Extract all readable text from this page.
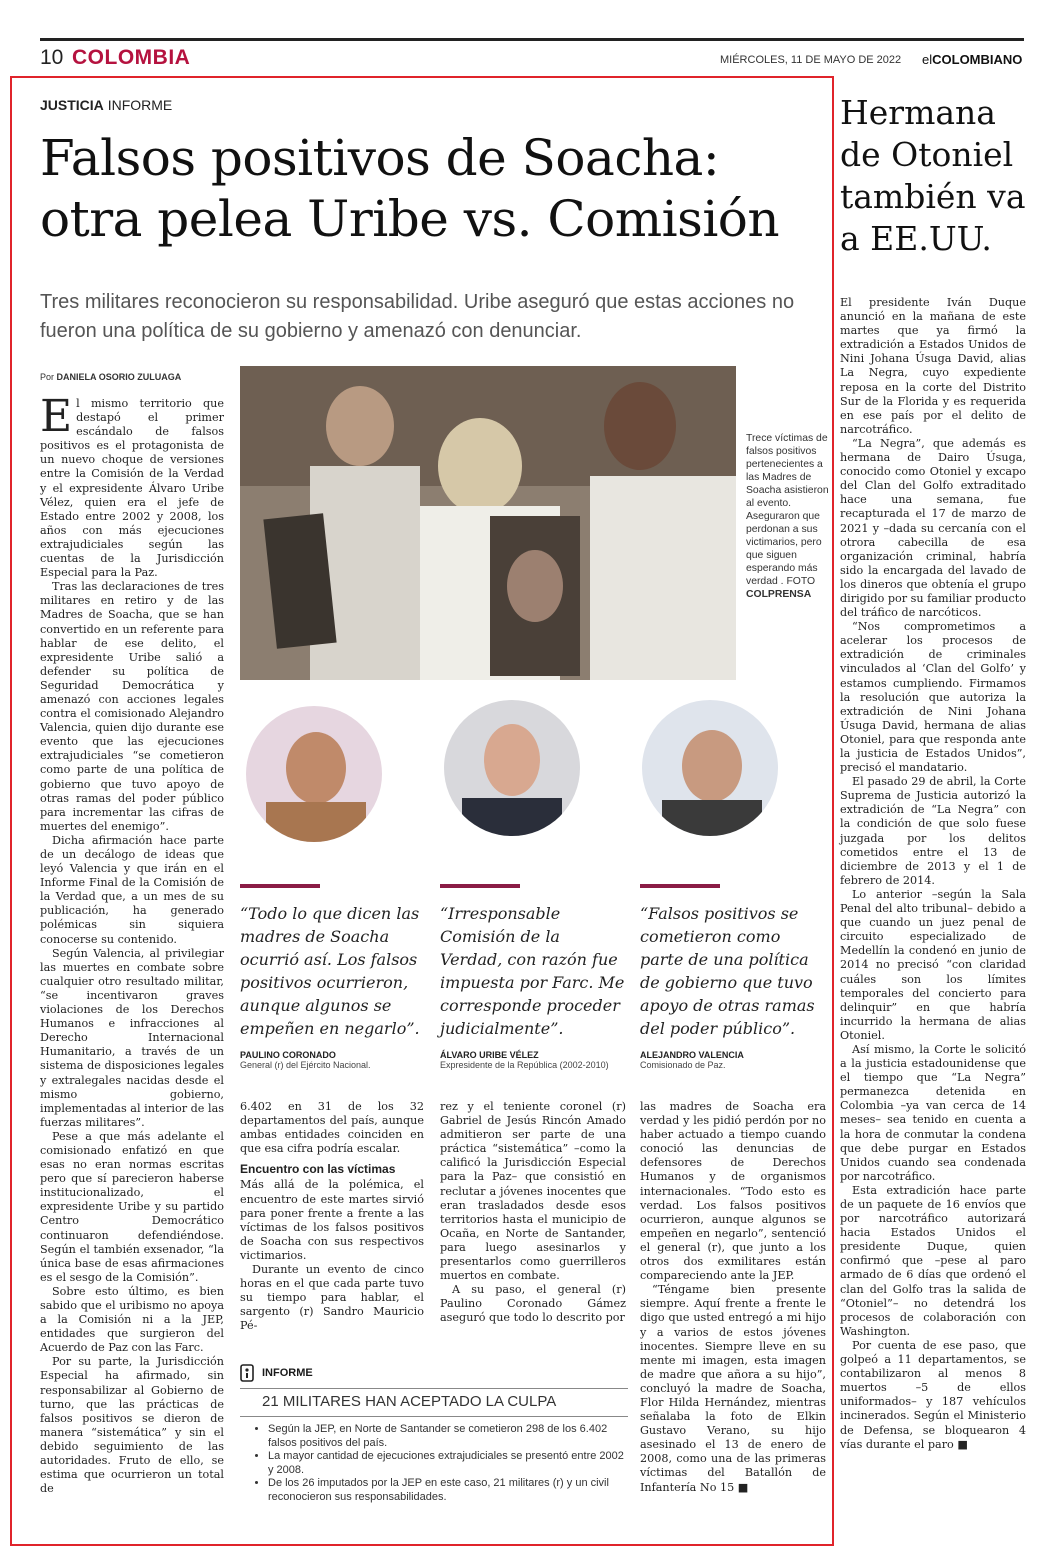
10 COLOMBIA	MIÉRCOLES, 11 DE MAYO DE 2022 elCOLOMBIANO
JUSTICIA INFORME
Falsos positivos de Soacha: otra pelea Uribe vs. Comisión
Tres militares reconocieron su responsabilidad. Uribe aseguró que estas acciones no fueron una política de su gobierno y amenazó con denunciar.
Por DANIELA OSORIO ZULUAGA

El mismo territorio que destapó el primer escándalo de falsos positivos es el protagonista de un nuevo choque de versiones entre la Comisión de la Verdad y el expresidente Álvaro Uribe Vélez, quien era el jefe de Estado entre 2002 y 2008, los años con más ejecuciones extrajudiciales según las cuentas de la Jurisdicción Especial para la Paz.

Tras las declaraciones de tres militares en retiro y de las Madres de Soacha, que se han convertido en un referente para hablar de ese delito, el expresidente Uribe salió a defender su política de Seguridad Democrática y amenazó con acciones legales contra el comisionado Alejandro Valencia, quien dijo durante ese evento que las ejecuciones extrajudiciales “se cometieron como parte de una política de gobierno que tuvo apoyo de otras ramas del poder público para incrementar las cifras de muertes del enemigo”.

Dicha afirmación hace parte de un decálogo de ideas que leyó Valencia y que irán en el Informe Final de la Comisión de la Verdad que, a un mes de su publicación, ha generado polémicas sin siquiera conocerse su contenido.

Según Valencia, al privilegiar las muertes en combate sobre cualquier otro resultado militar, “se incentivaron graves violaciones de los Derechos Humanos e infracciones al Derecho Internacional Humanitario, a través de un sistema de disposiciones legales y extralegales nacidas desde el mismo gobierno, implementadas al interior de las fuerzas militares”.

Pese a que más adelante el comisionado enfatizó en que esas no eran normas escritas pero que sí parecieron haberse institucionalizado, el expresidente Uribe y su partido Centro Democrático continuaron defendiéndose. Según el también exsenador, “la única base de esas afirmaciones es el sesgo de la Comisión”.

Sobre esto último, es bien sabido que el uribismo no apoya a la Comisión ni a la JEP, entidades que surgieron del Acuerdo de Paz con las Farc.

Por su parte, la Jurisdicción Especial ha afirmado, sin responsabilizar al Gobierno de turno, que las prácticas de falsos positivos se dieron de manera “sistemática” y sin el debido seguimiento de las autoridades. Fruto de ello, se estima que ocurrieron un total de

Trece víctimas de falsos positivos pertenecientes a las Madres de Soacha asistieron al evento. Aseguraron que perdonan a sus victimarios, pero que siguen esperando más verdad . FOTO COLPRENSA
“Todo lo que dicen las madres de Soacha ocurrió así. Los falsos positivos ocurrieron, aunque algunos se empeñen en negarlo”.
PAULINO CORONADO
General (r) del Ejército Nacional.
“Irresponsable Comisión de la Verdad, con razón fue impuesta por Farc. Me corresponde proceder judicialmente”.
ÁLVARO URIBE VÉLEZ
Expresidente de la República (2002-2010)
“Falsos positivos se cometieron como parte de una política de gobierno que tuvo apoyo de otras ramas del poder público”.
ALEJANDRO VALENCIA
Comisionado de Paz.

6.402 en 31 de los 32 departamentos del país, aunque ambas entidades coinciden en que esa cifra podría escalar.

Encuentro con las víctimas

Más allá de la polémica, el encuentro de este martes sirvió para poner frente a frente a las víctimas de los falsos positivos de Soacha con sus respectivos victimarios.

Durante un evento de cinco horas en el que cada parte tuvo su tiempo para hablar, el sargento (r) Sandro Mauricio Pé-

rez y el teniente coronel (r) Gabriel de Jesús Rincón Amado admitieron ser parte de una práctica “sistemática” –como la calificó la Jurisdicción Especial para la Paz– que consistió en reclutar a jóvenes inocentes que eran trasladados desde esos territorios hasta el municipio de Ocaña, en Norte de Santander, para luego asesinarlos y presentarlos como guerrilleros muertos en combate.

A su paso, el general (r) Paulino Coronado Gámez aseguró que todo lo descrito por

las madres de Soacha era verdad y les pidió perdón por no haber actuado a tiempo cuando conoció las denuncias de defensores de Derechos Humanos y de organismos internacionales. “Todo esto es verdad. Los falsos positivos ocurrieron, aunque algunos se empeñen en negarlo”, sentenció el general (r), que junto a los otros dos exmilitares están compareciendo ante la JEP.

“Téngame bien presente siempre. Aquí frente a frente le digo que usted entregó a mi hijo y a varios de estos jóvenes inocentes. Siempre lleve en su mente mi imagen, esta imagen de madre que añora a su hijo”, concluyó la madre de Soacha, Flor Hilda Hernández, mientras señalaba la foto de Elkin Gustavo Verano, su hijo asesinado el 13 de enero de 2008, como una de las primeras víctimas del Batallón de Infantería No 15 ■

INFORME
21 MILITARES HAN ACEPTADO LA CULPA
• Según la JEP, en Norte de Santander se cometieron 298 de los 6.402 falsos positivos del país.
• La mayor cantidad de ejecuciones extrajudiciales se presentó entre 2002 y 2008.
• De los 26 imputados por la JEP en este caso, 21 militares (r) y un civil reconocieron sus responsabilidades.
Hermana de Otoniel también va a EE.UU.

El presidente Iván Duque anunció en la mañana de este martes que ya firmó la extradición a Estados Unidos de Nini Johana Úsuga David, alias La Negra, cuyo expediente reposa en la corte del Distrito Sur de la Florida y es requerida en ese país por el delito de narcotráfico.

“La Negra”, que además es hermana de Dairo Úsuga, conocido como Otoniel y excapo del Clan del Golfo extraditado hace una semana, fue recapturada el 17 de marzo de 2021 y –dada su cercanía con el otrora cabecilla de esa organización criminal, habría sido la encargada del lavado de los dineros que obtenía el grupo dirigido por su familiar producto del tráfico de narcóticos.

“Nos comprometimos a acelerar los procesos de extradición de criminales vinculados al ‘Clan del Golfo’ y estamos cumpliendo. Firmamos la resolución que autoriza la extradición de Nini Johana Úsuga David, hermana de alias Otoniel, para que responda ante la justicia de Estados Unidos”, precisó el mandatario.

El pasado 29 de abril, la Corte Suprema de Justicia autorizó la extradición de “La Negra” con la condición de que solo fuese juzgada por los delitos cometidos entre el 13 de diciembre de 2013 y el 1 de febrero de 2014.

Lo anterior –según la Sala Penal del alto tribunal– debido a que cuando un juez penal de circuito especializado de Medellín la condenó en junio de 2014 no precisó “con claridad cuáles son los límites temporales del concierto para delinquir” en que habría incurrido la hermana de alias Otoniel.

Así mismo, la Corte le solicitó a la justicia estadounidense que el tiempo que “La Negra” permanezca detenida en Colombia –ya van cerca de 14 meses– sea tenido en cuenta a la hora de conmutar la condena que debe purgar en Estados Unidos cuando sea condenada por narcotráfico.

Esta extradición hace parte de un paquete de 16 envíos que por narcotráfico autorizará hacia Estados Unidos el presidente Duque, quien confirmó que –pese al paro armado de 6 días que ordenó el clan del Golfo tras la salida de “Otoniel”– no detendrá los procesos de colaboración con Washington.

Por cuenta de ese paso, que golpeó a 11 departamentos, se contabilizaron al menos 8 muertos –5 de ellos uniformados– y 187 vehículos incinerados. Según el Ministerio de Defensa, se bloquearon 4 vías durante el paro ■
